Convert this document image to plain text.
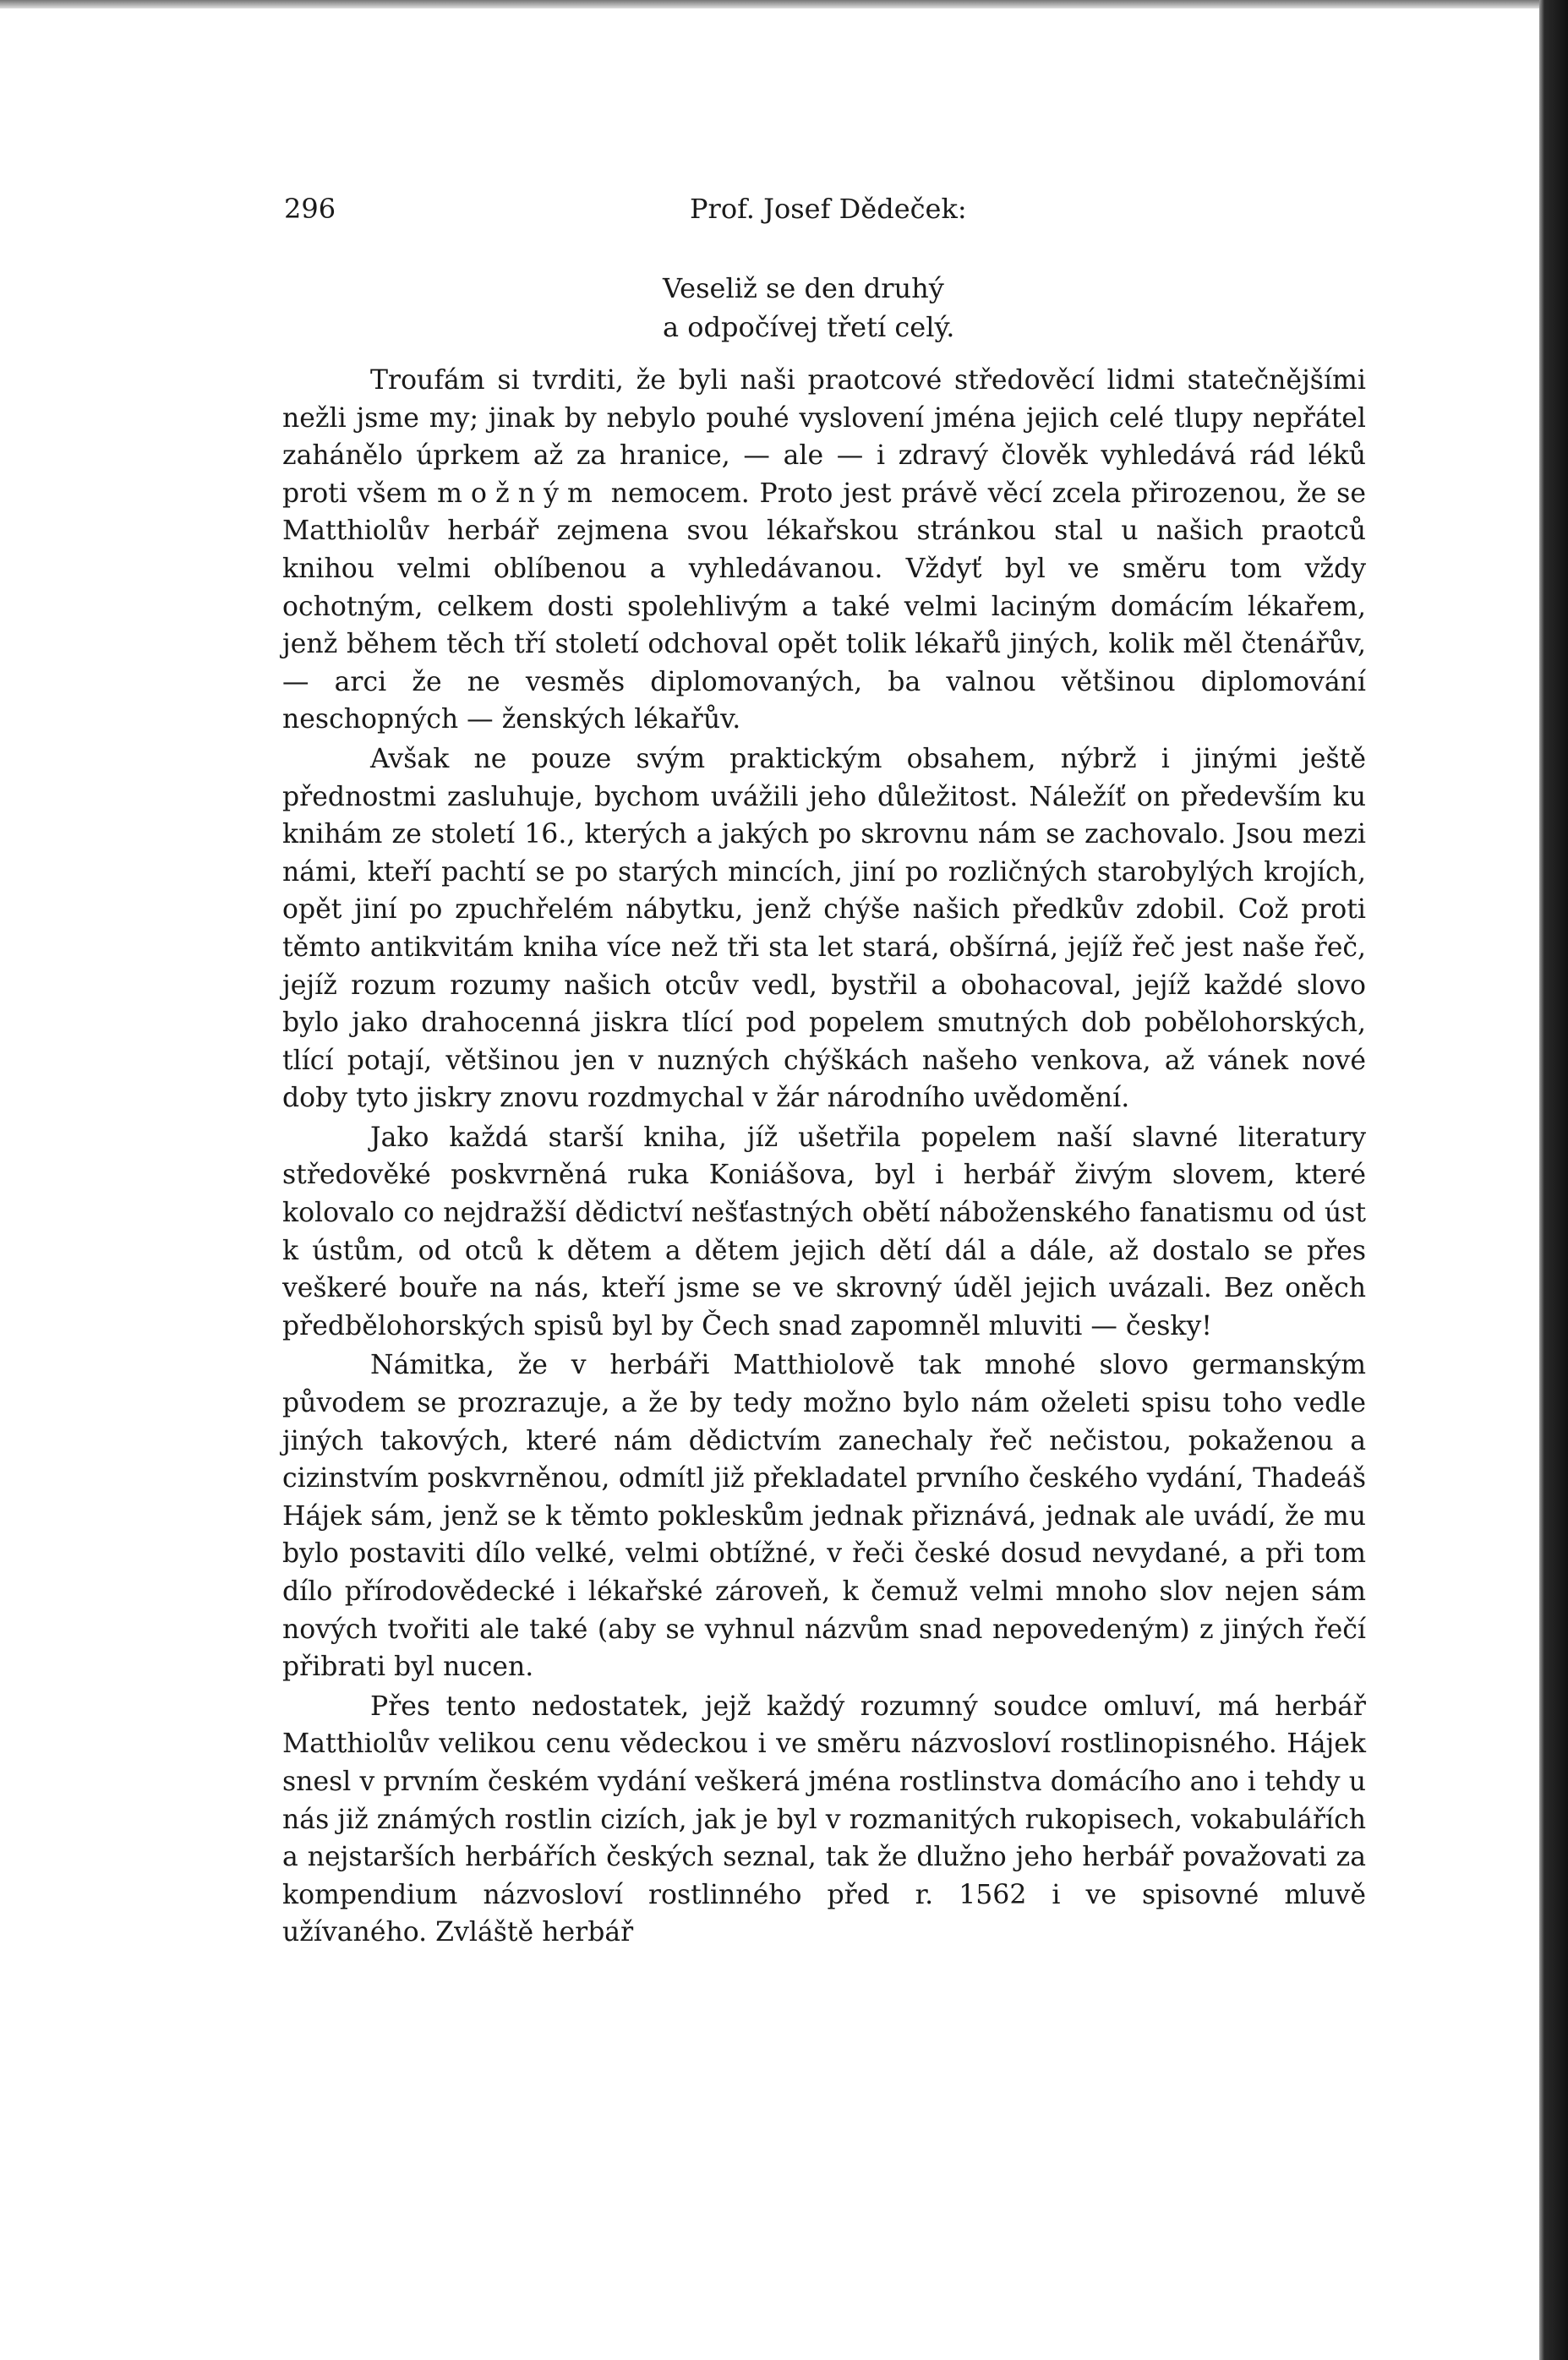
296	Prof. Josef Dědeček:
Veseliž se den druhý
a odpočívej třetí celý.

Troufám si tvrditi, že byli naši praotcové středověcí lidmi statečnějšími nežli jsme my; jinak by nebylo pouhé vyslovení jména jejich celé tlupy nepřátel zahánělo úprkem až za hranice, — ale — i zdravý člověk vyhledává rád léků proti všem možným nemocem. Proto jest právě věcí zcela přirozenou, že se Matthiolův herbář zejmena svou lékařskou stránkou stal u našich praotců knihou velmi oblíbenou a vyhledávanou. Vždyť byl ve směru tom vždy ochotným, celkem dosti spolehlivým a také velmi laciným domácím lékařem, jenž během těch tří století odchoval opět tolik lékařů jiných, kolik měl čtenářův, — arci že ne vesměs diplomovaných, ba valnou většinou diplomování neschopných — ženských lékařův.

Avšak ne pouze svým praktickým obsahem, nýbrž i jinými ještě přednostmi zasluhuje, bychom uvážili jeho důležitost. Náležíť on především ku knihám ze století 16., kterých a jakých po skrovnu nám se zachovalo. Jsou mezi námi, kteří pachtí se po starých mincích, jiní po rozličných starobylých krojích, opět jiní po zpuchřelém nábytku, jenž chýše našich předkův zdobil. Což proti těmto antikvitám kniha více než tři sta let stará, obšírná, jejíž řeč jest naše řeč, jejíž rozum rozumy našich otcův vedl, bystřil a obohacoval, jejíž každé slovo bylo jako drahocenná jiskra tlící pod popelem smutných dob pobělohorských, tlící potají, většinou jen v nuzných chýškách našeho venkova, až vánek nové doby tyto jiskry znovu rozdmychal v žár národního uvědomění.

Jako každá starší kniha, jíž ušetřila popelem naší slavné literatury středověké poskvrněná ruka Koniášova, byl i herbář živým slovem, které kolovalo co nejdražší dědictví nešťastných obětí náboženského fanatismu od úst k ústům, od otců k dětem a dětem jejich dětí dál a dále, až dostalo se přes veškeré bouře na nás, kteří jsme se ve skrovný úděl jejich uvázali. Bez oněch předbělohorských spisů byl by Čech snad zapomněl mluviti — česky!

Námitka, že v herbáři Matthiolově tak mnohé slovo germanským původem se prozrazuje, a že by tedy možno bylo nám oželeti spisu toho vedle jiných takových, které nám dědictvím zanechaly řeč nečistou, pokaženou a cizinstvím poskvrněnou, odmítl již překladatel prvního českého vydání, Thadeáš Hájek sám, jenž se k těmto pokleskům jednak přiznává, jednak ale uvádí, že mu bylo postaviti dílo velké, velmi obtížné, v řeči české dosud nevydané, a při tom dílo přírodovědecké i lékařské zároveň, k čemuž velmi mnoho slov nejen sám nových tvořiti ale také (aby se vyhnul názvům snad nepovedeným) z jiných řečí přibrati byl nucen.

Přes tento nedostatek, jejž každý rozumný soudce omluví, má herbář Matthiolův velikou cenu vědeckou i ve směru názvosloví rostlinopisného. Hájek snesl v prvním českém vydání veškerá jména rostlinstva domácího ano i tehdy u nás již známých rostlin cizích, jak je byl v rozmanitých rukopisech, vokabulářích a nejstarších herbářích českých seznal, tak že dlužno jeho herbář považovati za kompendium názvosloví rostlinného před r. 1562 i ve spisovné mluvě užívaného. Zvláště herbář
